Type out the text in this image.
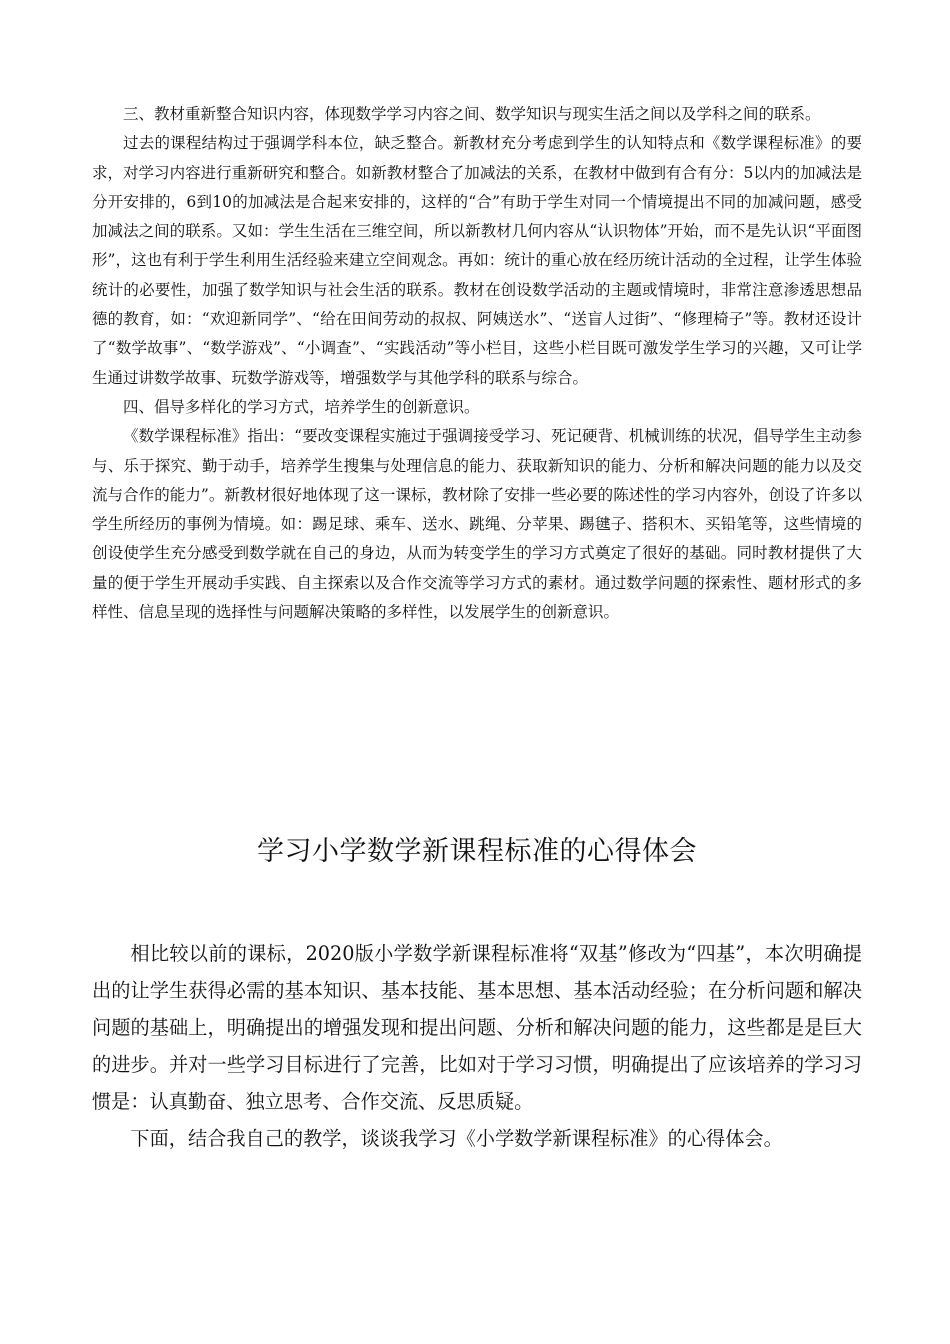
三、教材重新整合知识内容，体现数学学习内容之间、数学知识与现实生活之间以及学科之间的联系。

过去的课程结构过于强调学科本位，缺乏整合。新教材充分考虑到学生的认知特点和《数学课程标准》的要求，对学习内容进行重新研究和整合。如新教材整合了加减法的关系，在教材中做到有合有分：5以内的加减法是分开安排的，6到10的加减法是合起来安排的，这样的“合”有助于学生对同一个情境提出不同的加减问题，感受加减法之间的联系。又如：学生生活在三维空间，所以新教材几何内容从“认识物体”开始，而不是先认识“平面图形”，这也有利于学生利用生活经验来建立空间观念。再如：统计的重心放在经历统计活动的全过程，让学生体验统计的必要性，加强了数学知识与社会生活的联系。教材在创设数学活动的主题或情境时，非常注意渗透思想品德的教育，如：“欢迎新同学”、“给在田间劳动的叔叔、阿姨送水”、“送盲人过街”、“修理椅子”等。教材还设计了“数学故事”、“数学游戏”、“小调查”、“实践活动”等小栏目，这些小栏目既可激发学生学习的兴趣，又可让学生通过讲数学故事、玩数学游戏等，增强数学与其他学科的联系与综合。

四、倡导多样化的学习方式，培养学生的创新意识。

《数学课程标准》指出：“要改变课程实施过于强调接受学习、死记硬背、机械训练的状况，倡导学生主动参与、乐于探究、勤于动手，培养学生搜集与处理信息的能力、获取新知识的能力、分析和解决问题的能力以及交流与合作的能力”。新教材很好地体现了这一课标，教材除了安排一些必要的陈述性的学习内容外，创设了许多以学生所经历的事例为情境。如：踢足球、乘车、送水、跳绳、分苹果、踢毽子、搭积木、买铅笔等，这些情境的创设使学生充分感受到数学就在自己的身边，从而为转变学生的学习方式奠定了很好的基础。同时教材提供了大量的便于学生开展动手实践、自主探索以及合作交流等学习方式的素材。通过数学问题的探索性、题材形式的多样性、信息呈现的选择性与问题解决策略的多样性，以发展学生的创新意识。

学习小学数学新课程标准的心得体会

相比较以前的课标，2020版小学数学新课程标准将“双基”修改为“四基”，本次明确提出的让学生获得必需的基本知识、基本技能、基本思想、基本活动经验；在分析问题和解决问题的基础上，明确提出的增强发现和提出问题、分析和解决问题的能力，这些都是是巨大的进步。并对一些学习目标进行了完善，比如对于学习习惯，明确提出了应该培养的学习习惯是：认真勤奋、独立思考、合作交流、反思质疑。

下面，结合我自己的教学，谈谈我学习《小学数学新课程标准》的心得体会。
